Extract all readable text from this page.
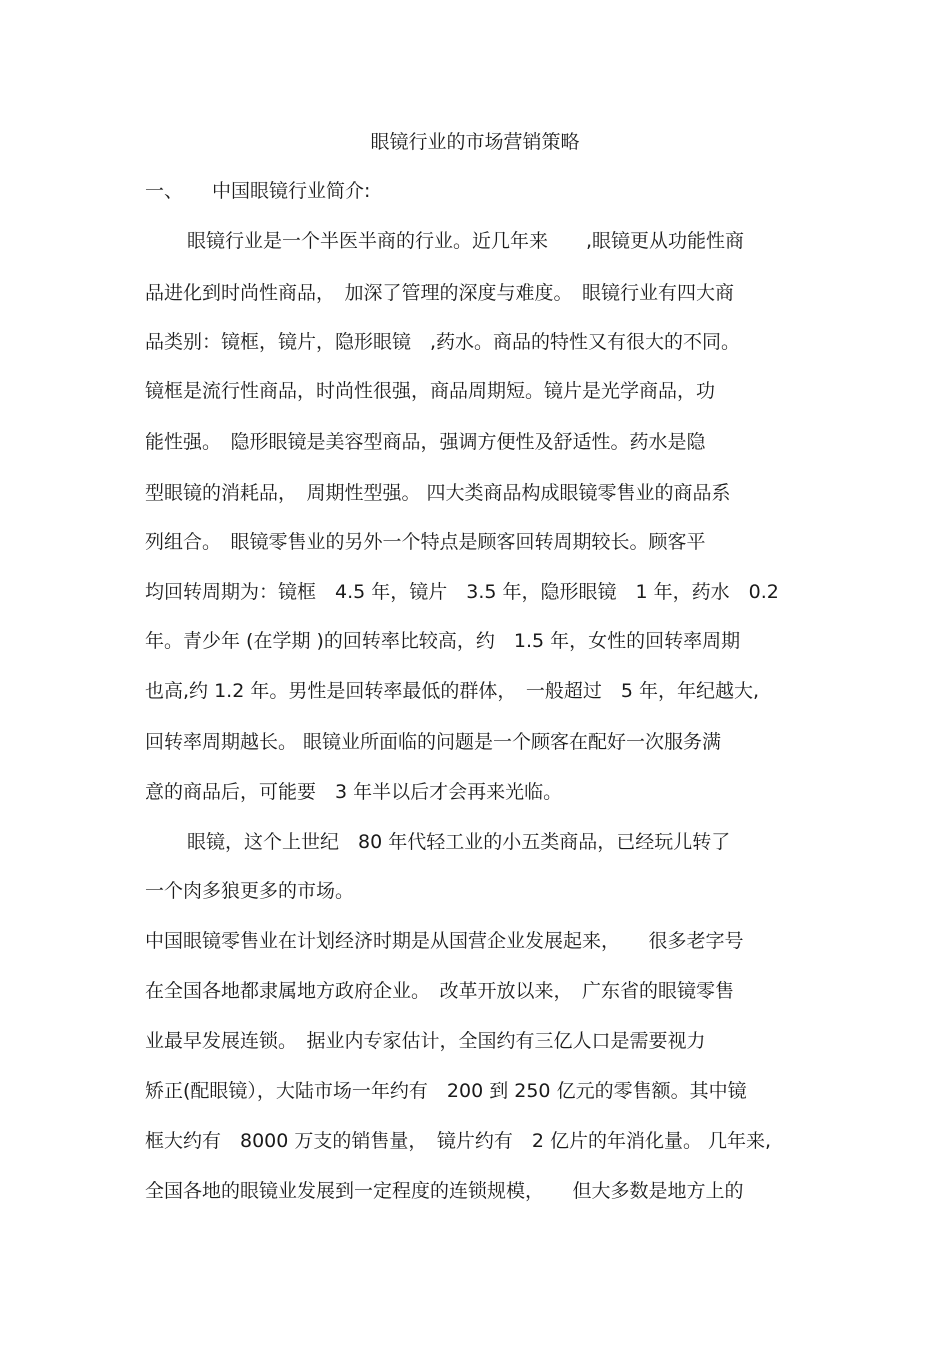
眼镜行业的市场营销策略
一、 中国眼镜行业简介:
眼镜行业是一个半医半商的行业。近几年来　　,眼镜更从功能性商
品进化到时尚性商品，　加深了管理的深度与难度。　眼镜行业有四大商
品类别：镜框，镜片，隐形眼镜　,药水。商品的特性又有很大的不同。
镜框是流行性商品，时尚性很强，商品周期短。镜片是光学商品，功
能性强。　隐形眼镜是美容型商品，强调方便性及舒适性。药水是隐
型眼镜的消耗品，　周期性型强。 四大类商品构成眼镜零售业的商品系
列组合。　眼镜零售业的另外一个特点是顾客回转周期较长。顾客平
均回转周期为：镜框　4.5 年，镜片　3.5 年，隐形眼镜　1 年，药水　0.2
年。青少年 (在学期 )的回转率比较高，约　1.5 年，女性的回转率周期
也高,约 1.2 年。男性是回转率最低的群体，　一般超过　5 年，年纪越大,
回转率周期越长。 眼镜业所面临的问题是一个顾客在配好一次服务满
意的商品后，可能要　3 年半以后才会再来光临。
眼镜，这个上世纪　80 年代轻工业的小五类商品，已经玩儿转了
一个肉多狼更多的市场。
中国眼镜零售业在计划经济时期是从国营企业发展起来，　　很多老字号
在全国各地都隶属地方政府企业。　改革开放以来，　广东省的眼镜零售
业最早发展连锁。　据业内专家估计，全国约有三亿人口是需要视力
矫正(配眼镜），大陆市场一年约有　200 到 250 亿元的零售额。其中镜
框大约有　8000 万支的销售量，　镜片约有　2 亿片的年消化量。 几年来,
全国各地的眼镜业发展到一定程度的连锁规模，　　但大多数是地方上的
